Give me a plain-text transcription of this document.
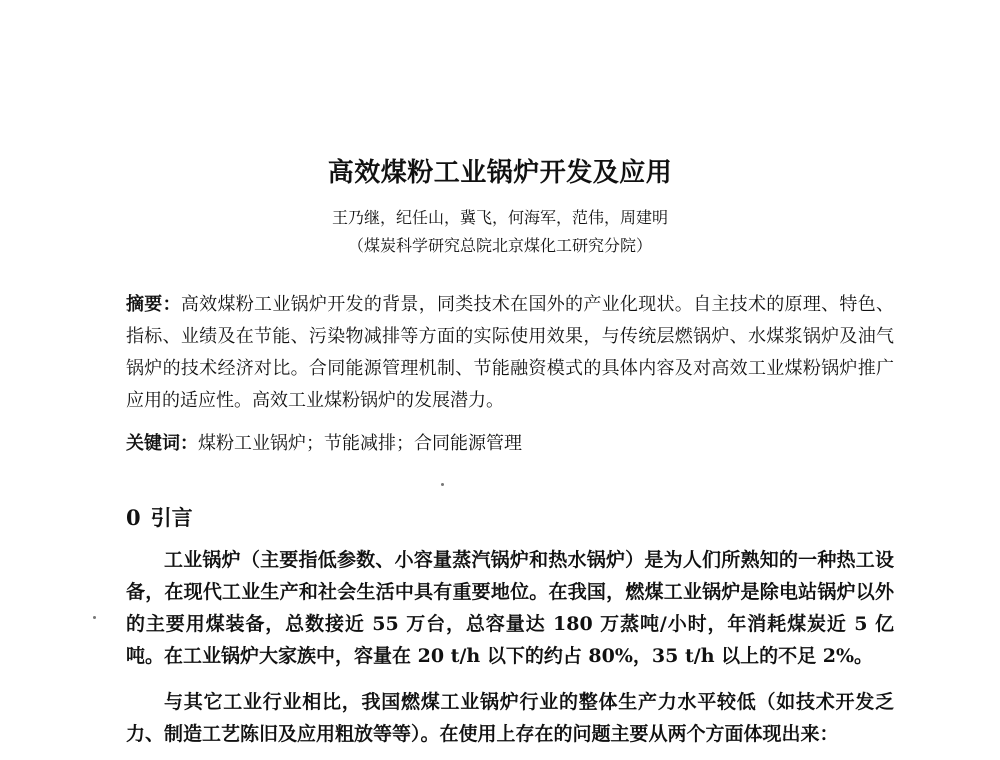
高效煤粉工业锅炉开发及应用
王乃继，纪任山，冀飞，何海军，范伟，周建明
（煤炭科学研究总院北京煤化工研究分院）

摘要：高效煤粉工业锅炉开发的背景，同类技术在国外的产业化现状。自主技术的原理、特色、指标、业绩及在节能、污染物减排等方面的实际使用效果，与传统层燃锅炉、水煤浆锅炉及油气锅炉的技术经济对比。合同能源管理机制、节能融资模式的具体内容及对高效工业煤粉锅炉推广应用的适应性。高效工业煤粉锅炉的发展潜力。

关键词：煤粉工业锅炉；节能减排；合同能源管理

0 引言

工业锅炉（主要指低参数、小容量蒸汽锅炉和热水锅炉）是为人们所熟知的一种热工设备，在现代工业生产和社会生活中具有重要地位。在我国，燃煤工业锅炉是除电站锅炉以外的主要用煤装备，总数接近 55 万台，总容量达 180 万蒸吨/小时，年消耗煤炭近 5 亿吨。在工业锅炉大家族中，容量在 20 t/h 以下的约占 80%，35 t/h 以上的不足 2%。

与其它工业行业相比，我国燃煤工业锅炉行业的整体生产力水平较低（如技术开发乏力、制造工艺陈旧及应用粗放等等）。在使用上存在的问题主要从两个方面体现出来：
